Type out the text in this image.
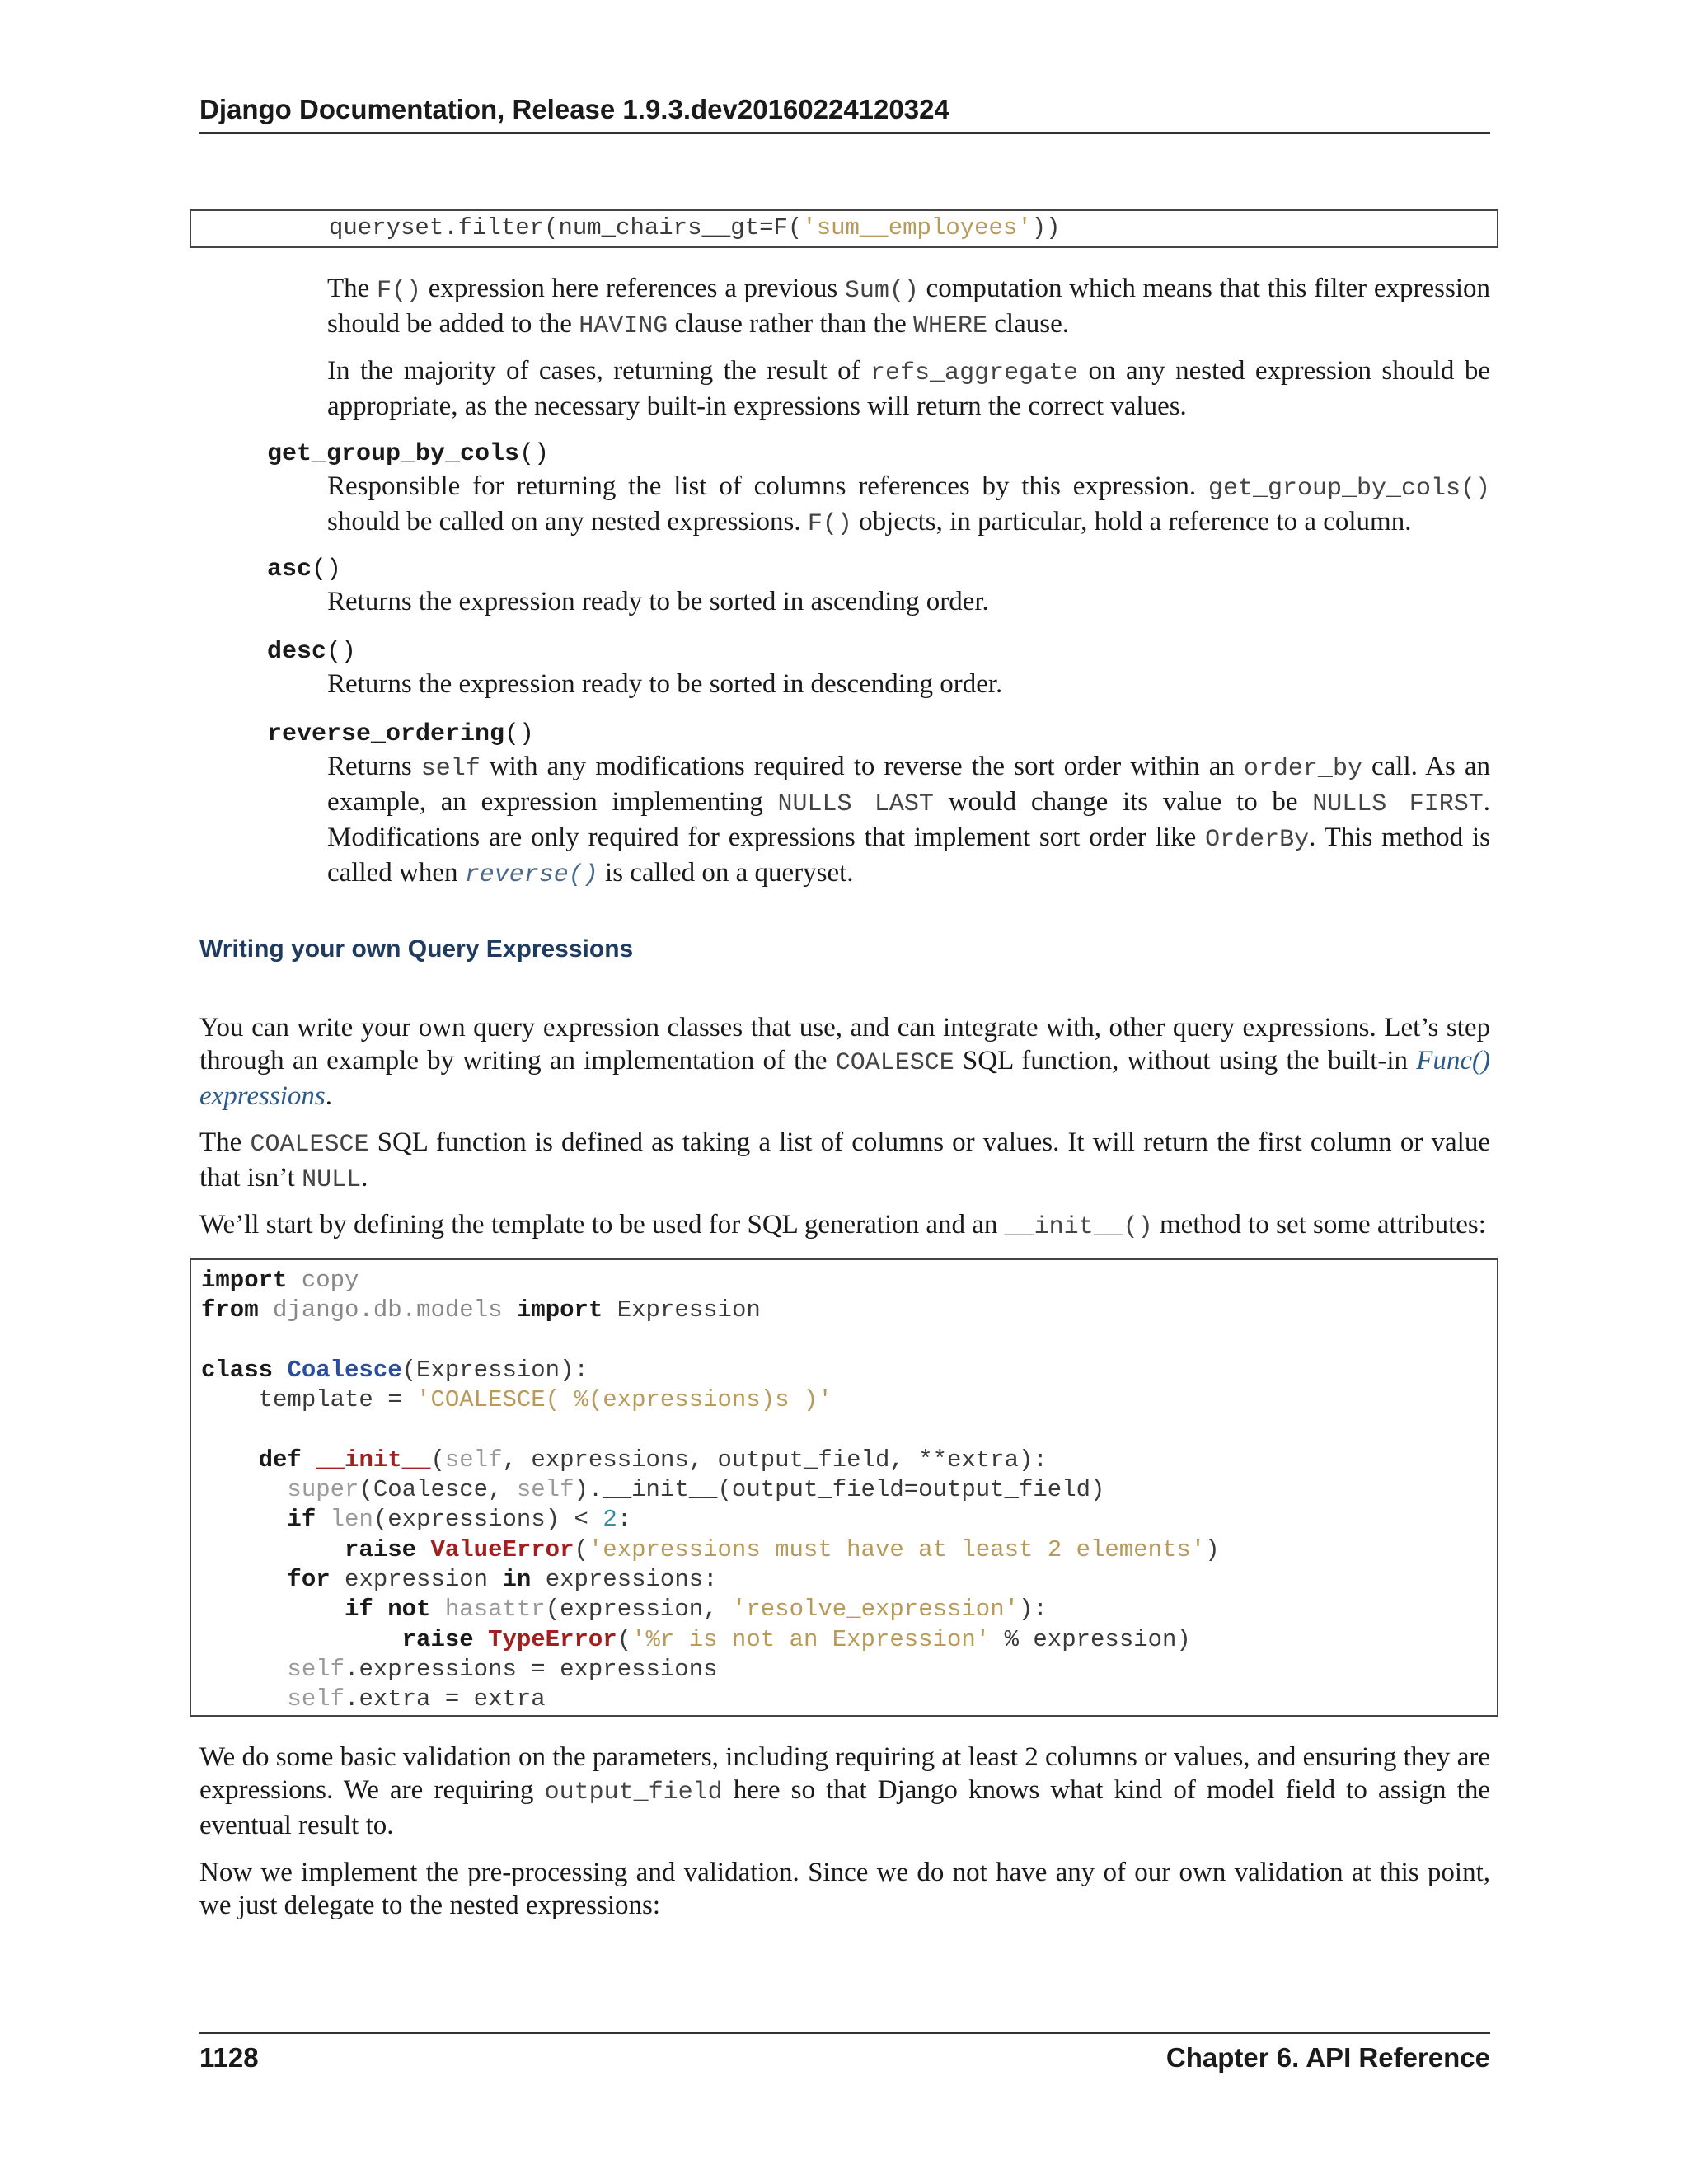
Django Documentation, Release 1.9.3.dev20160224120324
queryset.filter(num_chairs__gt=F('sum__employees'))
The F() expression here references a previous Sum() computation which means that this filter expression should be added to the HAVING clause rather than the WHERE clause.
In the majority of cases, returning the result of refs_aggregate on any nested expression should be appropriate, as the necessary built-in expressions will return the correct values.
get_group_by_cols()
Responsible for returning the list of columns references by this expression. get_group_by_cols() should be called on any nested expressions. F() objects, in particular, hold a reference to a column.
asc()
Returns the expression ready to be sorted in ascending order.
desc()
Returns the expression ready to be sorted in descending order.
reverse_ordering()
Returns self with any modifications required to reverse the sort order within an order_by call. As an example, an expression implementing NULLS LAST would change its value to be NULLS FIRST. Modifications are only required for expressions that implement sort order like OrderBy. This method is called when reverse() is called on a queryset.
Writing your own Query Expressions
You can write your own query expression classes that use, and can integrate with, other query expressions. Let’s step through an example by writing an implementation of the COALESCE SQL function, without using the built-in Func() expressions.
The COALESCE SQL function is defined as taking a list of columns or values. It will return the first column or value that isn’t NULL.
We’ll start by defining the template to be used for SQL generation and an __init__() method to set some attributes:
import copy
from django.db.models import Expression
class Coalesce(Expression):
template = 'COALESCE( %(expressions)s )'
def __init__(self, expressions, output_field, **extra):
super(Coalesce, self).__init__(output_field=output_field)
if len(expressions) < 2:
raise ValueError('expressions must have at least 2 elements')
for expression in expressions:
if not hasattr(expression, 'resolve_expression'):
raise TypeError('%r is not an Expression' % expression)
self.expressions = expressions
self.extra = extra
We do some basic validation on the parameters, including requiring at least 2 columns or values, and ensuring they are expressions. We are requiring output_field here so that Django knows what kind of model field to assign the eventual result to.
Now we implement the pre-processing and validation. Since we do not have any of our own validation at this point, we just delegate to the nested expressions:
1128	Chapter 6. API Reference
